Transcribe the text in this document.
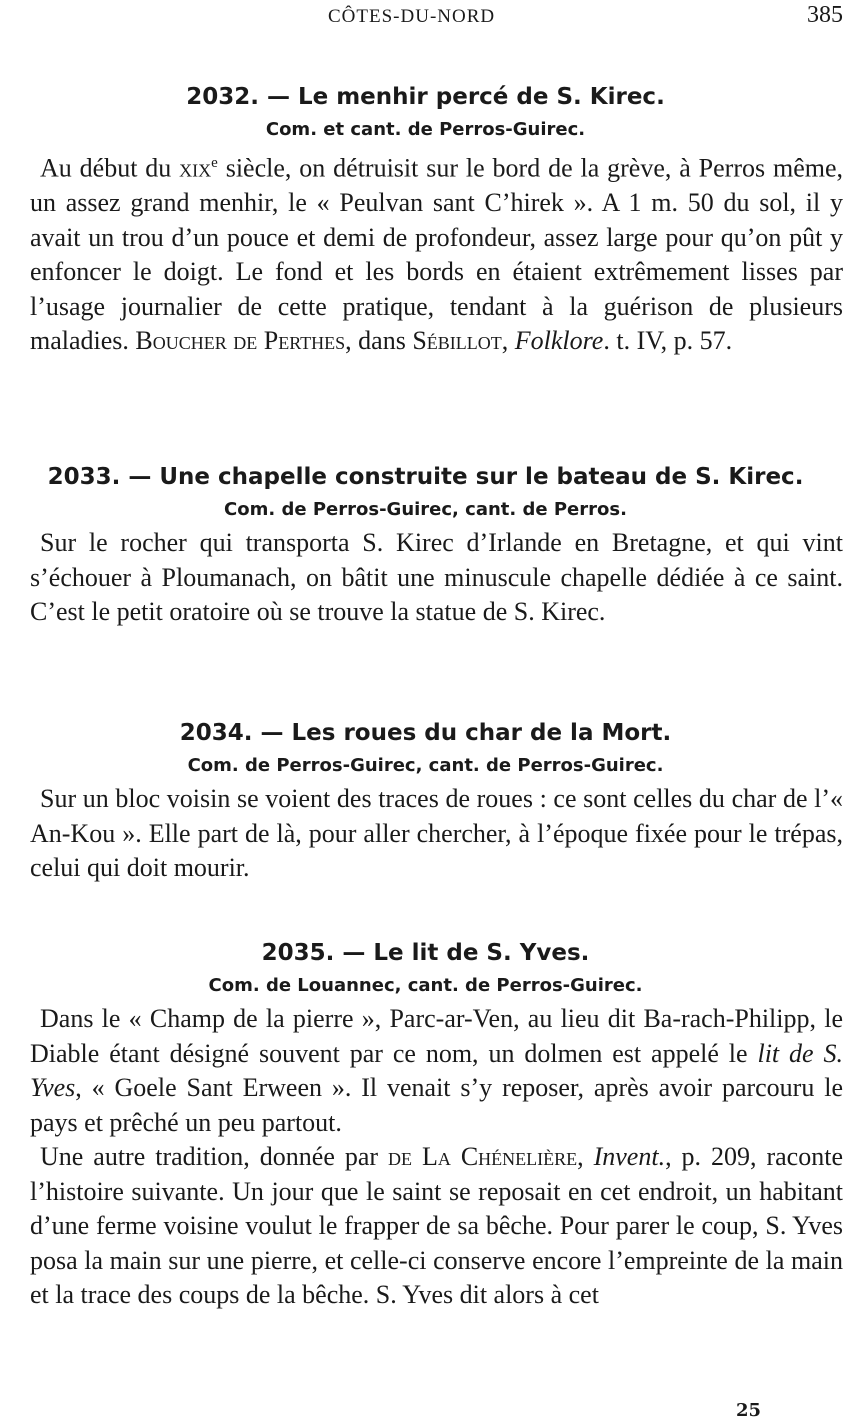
CÔTES-DU-NORD	385
2032. — Le menhir percé de S. Kirec.
Com. et cant. de Perros-Guirec.

Au début du xix$^e$ siècle, on détruisit sur le bord de la grève, à Perros même, un assez grand menhir, le « Peulvan sant C’hirek ». A 1 m. 50 du sol, il y avait un trou d’un pouce et demi de profondeur, assez large pour qu’on pût y enfoncer le doigt. Le fond et les bords en étaient extrêmement lisses par l’usage journalier de cette pratique, tendant à la guérison de plusieurs maladies. Boucher de Perthes, dans Sébillot, Folklore. t. IV, p. 57.

2033. — Une chapelle construite sur le bateau de S. Kirec.
Com. de Perros-Guirec, cant. de Perros.

Sur le rocher qui transporta S. Kirec d’Irlande en Bretagne, et qui vint s’échouer à Ploumanach, on bâtit une minuscule chapelle dédiée à ce saint. C’est le petit oratoire où se trouve la statue de S. Kirec.

2034. — Les roues du char de la Mort.
Com. de Perros-Guirec, cant. de Perros-Guirec.

Sur un bloc voisin se voient des traces de roues : ce sont celles du char de l’« An-Kou ». Elle part de là, pour aller chercher, à l’époque fixée pour le trépas, celui qui doit mourir.

2035. — Le lit de S. Yves.
Com. de Louannec, cant. de Perros-Guirec.

Dans le « Champ de la pierre », Parc-ar-Ven, au lieu dit Ba-rach-Philipp, le Diable étant désigné souvent par ce nom, un dolmen est appelé le lit de S. Yves, « Goele Sant Erween ». Il venait s’y reposer, après avoir parcouru le pays et prêché un peu partout.

Une autre tradition, donnée par de La Chénelière, Invent., p. 209, raconte l’histoire suivante. Un jour que le saint se reposait en cet endroit, un habitant d’une ferme voisine voulut le frapper de sa bêche. Pour parer le coup, S. Yves posa la main sur une pierre, et celle-ci conserve encore l’empreinte de la main et la trace des coups de la bêche. S. Yves dit alors à cet

25
